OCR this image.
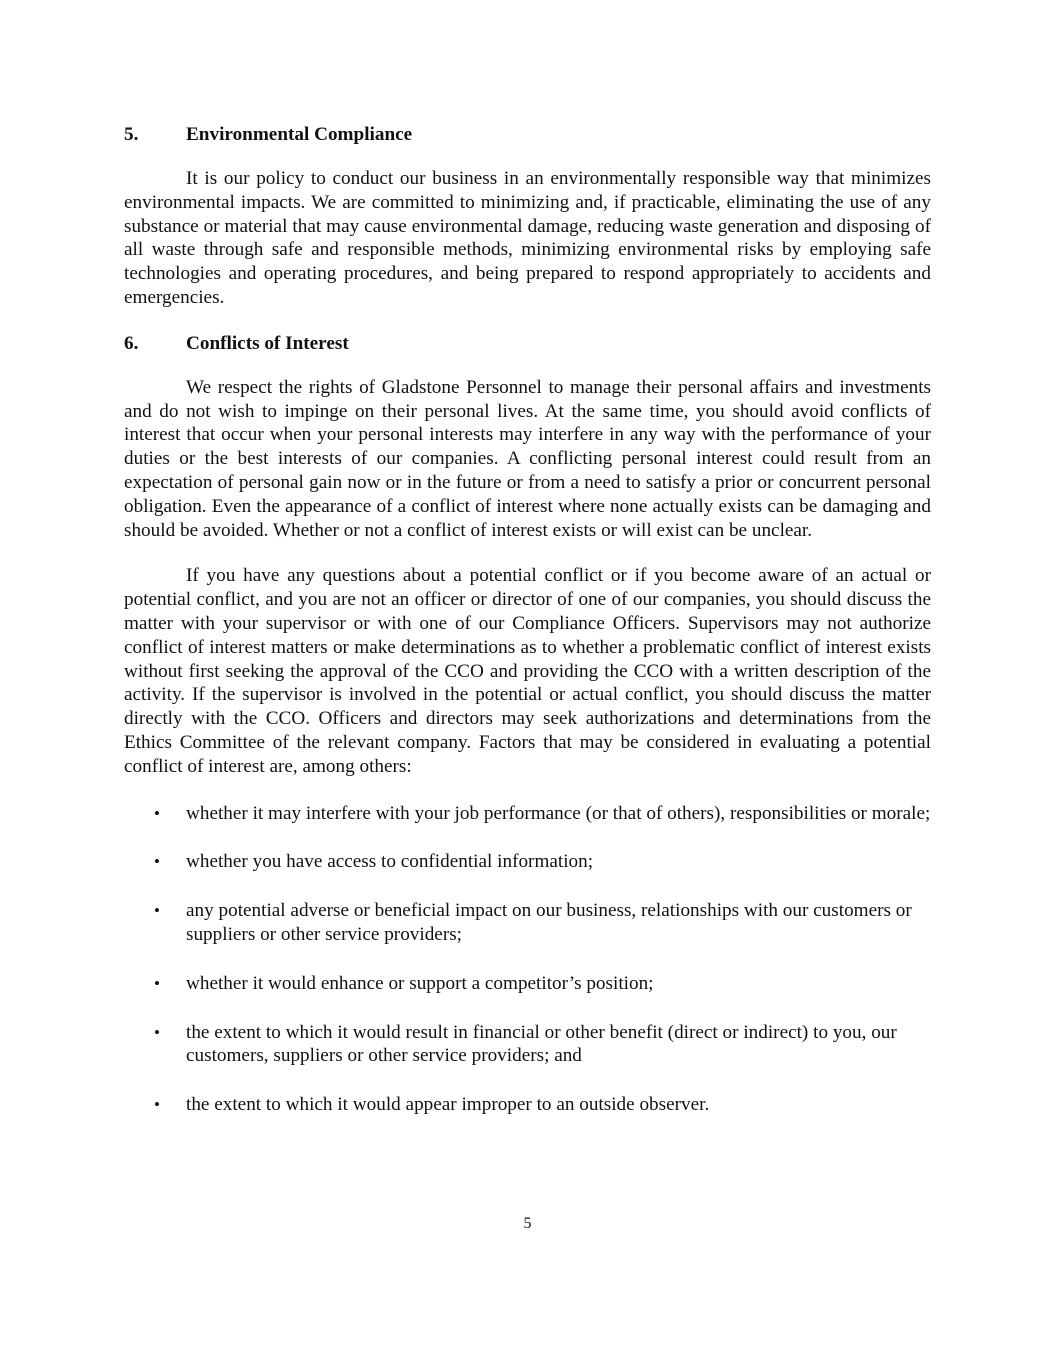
5.	Environmental Compliance

It is our policy to conduct our business in an environmentally responsible way that minimizes environmental impacts. We are committed to minimizing and, if practicable, eliminating the use of any substance or material that may cause environmental damage, reducing waste generation and disposing of all waste through safe and responsible methods, minimizing environmental risks by employing safe technologies and operating procedures, and being prepared to respond appropriately to accidents and emergencies.

6.	Conflicts of Interest

We respect the rights of Gladstone Personnel to manage their personal affairs and investments and do not wish to impinge on their personal lives. At the same time, you should avoid conflicts of interest that occur when your personal interests may interfere in any way with the performance of your duties or the best interests of our companies. A conflicting personal interest could result from an expectation of personal gain now or in the future or from a need to satisfy a prior or concurrent personal obligation. Even the appearance of a conflict of interest where none actually exists can be damaging and should be avoided. Whether or not a conflict of interest exists or will exist can be unclear.

If you have any questions about a potential conflict or if you become aware of an actual or potential conflict, and you are not an officer or director of one of our companies, you should discuss the matter with your supervisor or with one of our Compliance Officers. Supervisors may not authorize conflict of interest matters or make determinations as to whether a problematic conflict of interest exists without first seeking the approval of the CCO and providing the CCO with a written description of the activity. If the supervisor is involved in the potential or actual conflict, you should discuss the matter directly with the CCO. Officers and directors may seek authorizations and determinations from the Ethics Committee of the relevant company. Factors that may be considered in evaluating a potential conflict of interest are, among others:

•	whether it may interfere with your job performance (or that of others), responsibilities or morale;
•	whether you have access to confidential information;
•	any potential adverse or beneficial impact on our business, relationships with our customers or suppliers or other service providers;
•	whether it would enhance or support a competitor’s position;
•	the extent to which it would result in financial or other benefit (direct or indirect) to you, our customers, suppliers or other service providers; and
•	the extent to which it would appear improper to an outside observer.
5
